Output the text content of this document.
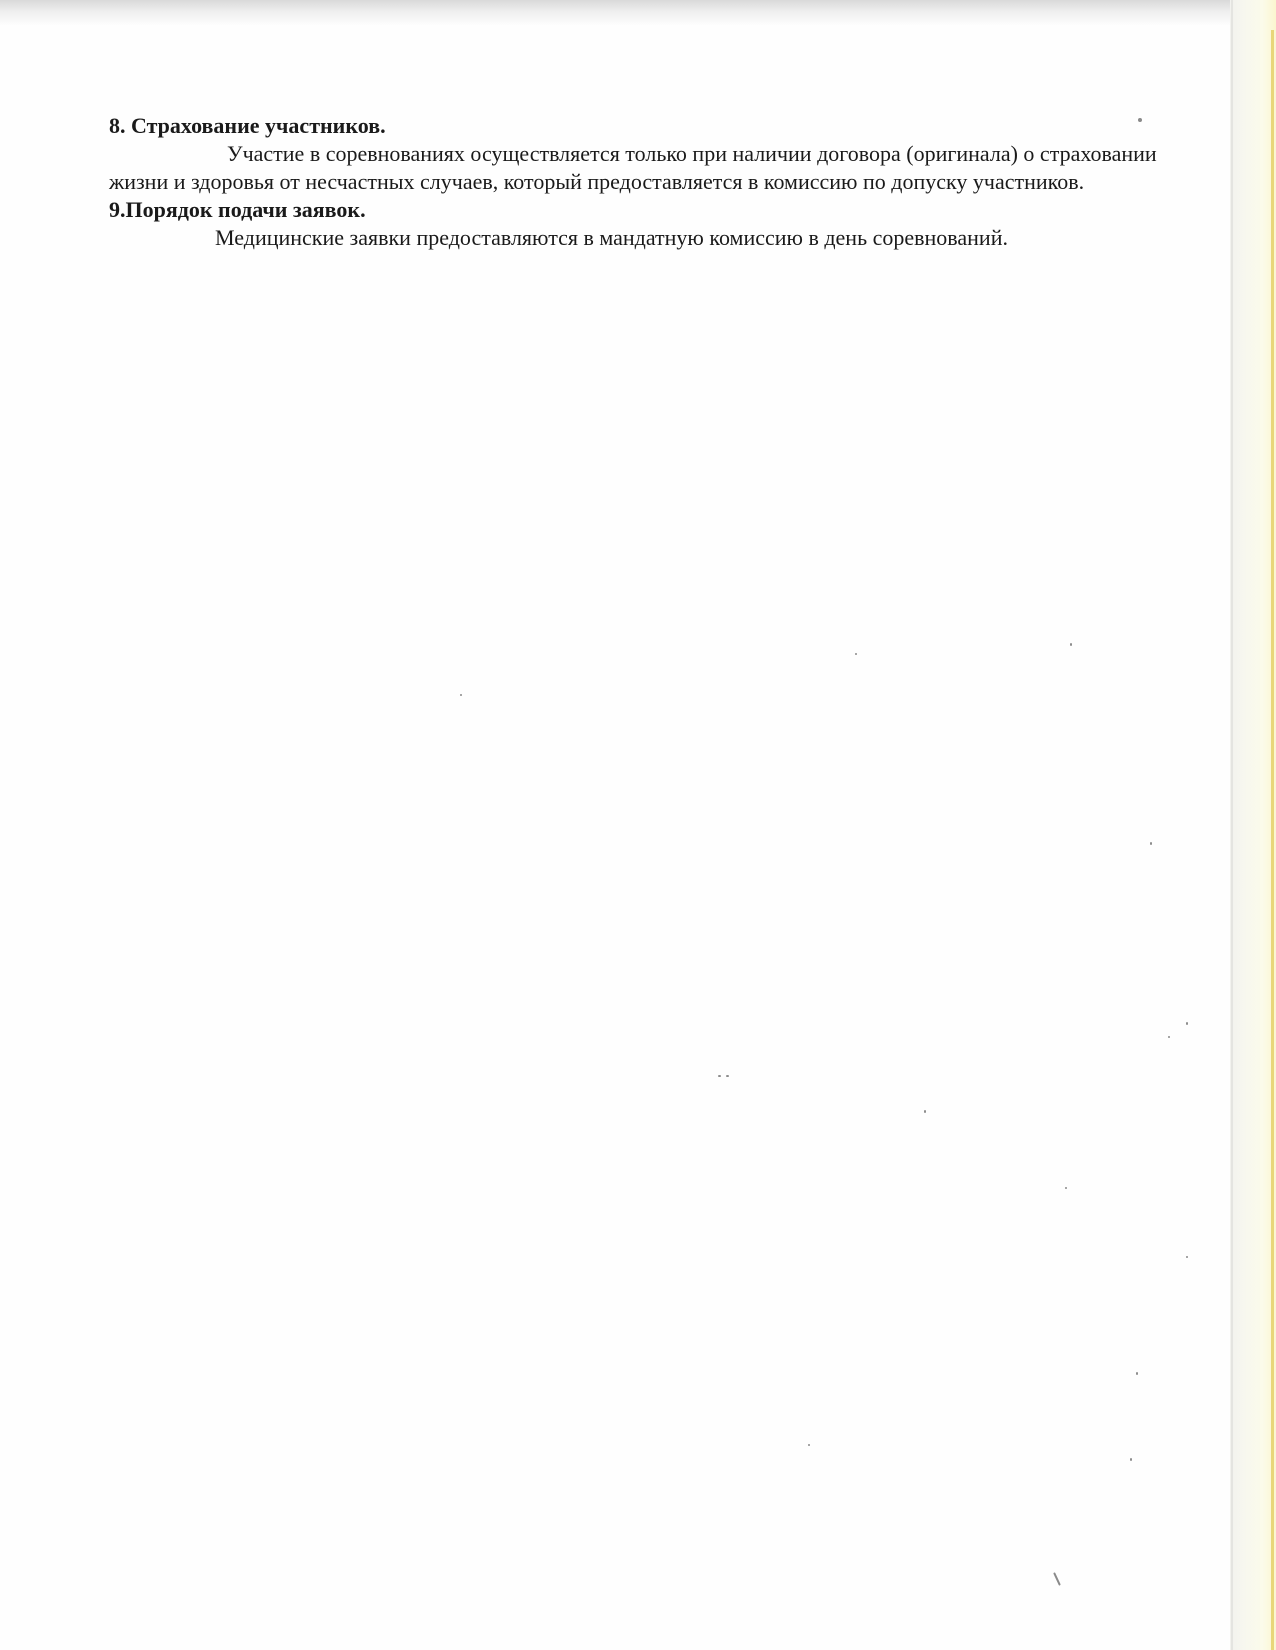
8. Страхование участников.

Участие в соревнованиях осуществляется только при наличии договора (оригинала) о страховании жизни и здоровья от несчастных случаев, который предоставляется в комиссию по допуску участников.

9.Порядок подачи заявок.

Медицинские заявки предоставляются в мандатную комиссию в день соревнований.
